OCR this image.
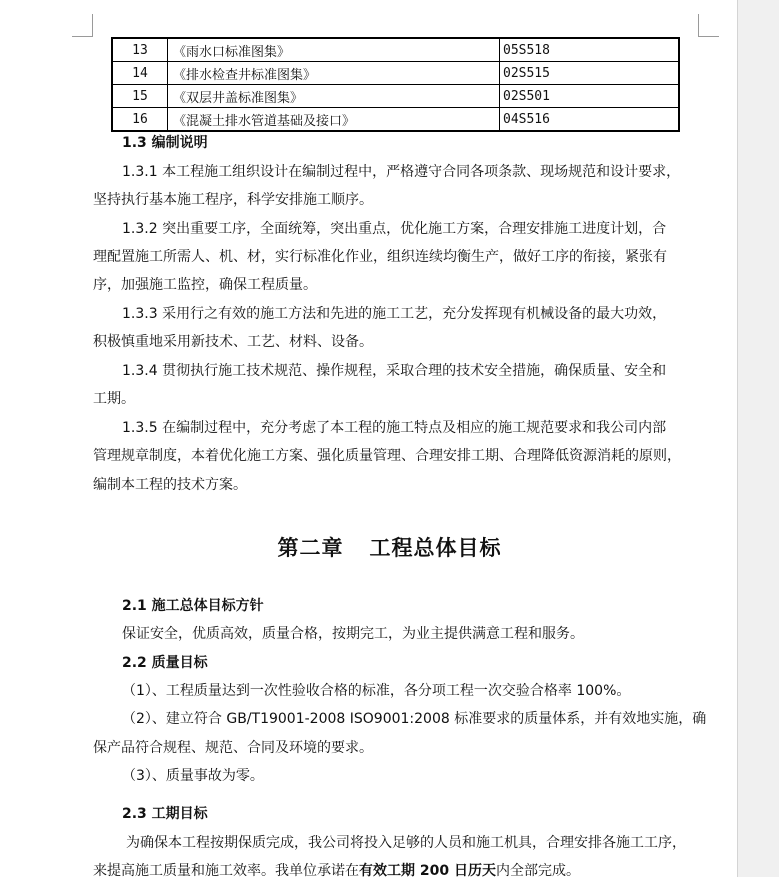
13	《雨水口标准图集》	05S518
14	《排水检查井标准图集》	02S515
15	《双层井盖标准图集》	02S501
16	《混凝土排水管道基础及接口》	04S516
1.3 编制说明
1.3.1 本工程施工组织设计在编制过程中，严格遵守合同各项条款、现场规范和设计要求，
坚持执行基本施工程序，科学安排施工顺序。
1.3.2 突出重要工序，全面统筹，突出重点，优化施工方案，合理安排施工进度计划，合
理配置施工所需人、机、材，实行标准化作业，组织连续均衡生产，做好工序的衔接，紧张有
序，加强施工监控，确保工程质量。
1.3.3 采用行之有效的施工方法和先进的施工工艺，充分发挥现有机械设备的最大功效，
积极慎重地采用新技术、工艺、材料、设备。
1.3.4 贯彻执行施工技术规范、操作规程，采取合理的技术安全措施，确保质量、安全和
工期。
1.3.5 在编制过程中，充分考虑了本工程的施工特点及相应的施工规范要求和我公司内部
管理规章制度，本着优化施工方案、强化质量管理、合理安排工期、合理降低资源消耗的原则，
编制本工程的技术方案。
第二章 工程总体目标
2.1 施工总体目标方针
保证安全，优质高效，质量合格，按期完工，为业主提供满意工程和服务。
2.2 质量目标
（1）、工程质量达到一次性验收合格的标准，各分项工程一次交验合格率 100%。
（2）、建立符合 GB/T19001-2008 ISO9001:2008 标准要求的质量体系，并有效地实施，确
保产品符合规程、规范、合同及环境的要求。
（3）、质量事故为零。
2.3 工期目标
为确保本工程按期保质完成，我公司将投入足够的人员和施工机具，合理安排各施工工序，
来提高施工质量和施工效率。我单位承诺在有效工期 200 日历天内全部完成。
